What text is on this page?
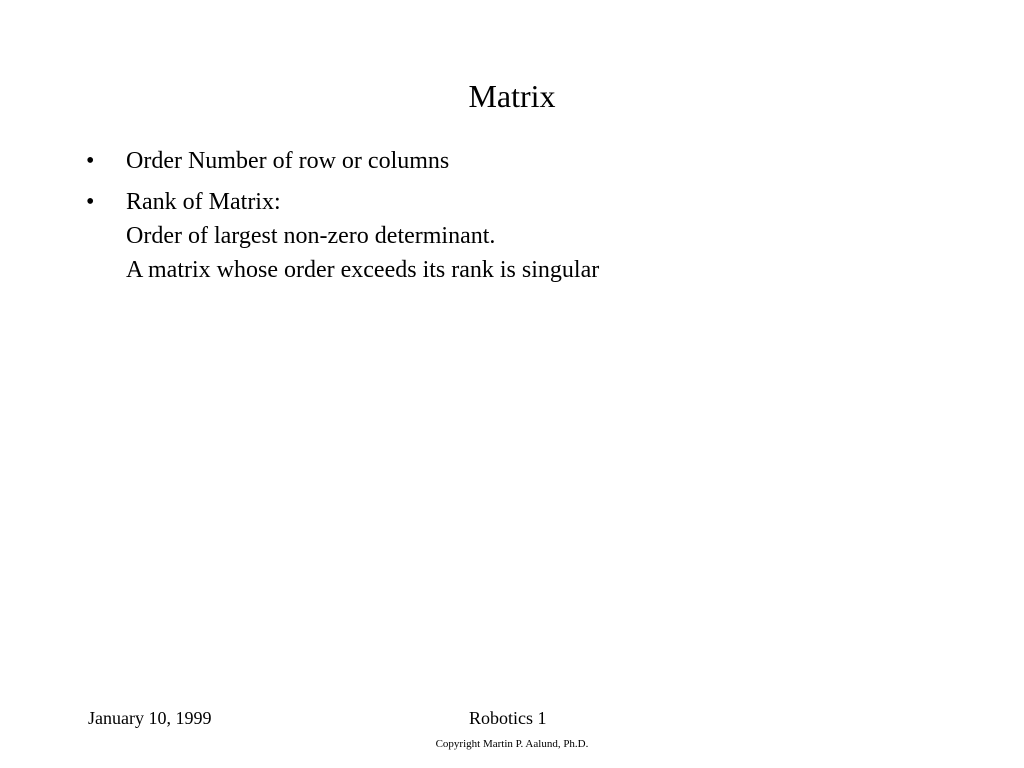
Matrix
•	Order Number of row or columns
•	Rank of Matrix:
Order of largest non-zero determinant.
A matrix whose order exceeds its rank is singular
January 10, 1999	Robotics 1
Copyright Martin P. Aalund, Ph.D.
